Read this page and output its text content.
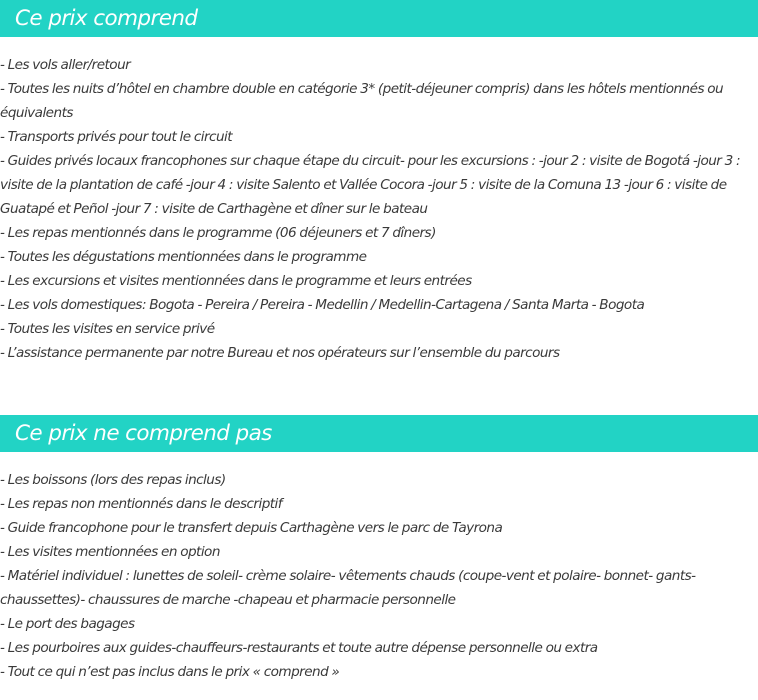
Ce prix comprend
- Les vols aller/retour
- Toutes les nuits d’hôtel en chambre double en catégorie 3* (petit-déjeuner compris) dans les hôtels mentionnés ou équivalents
- Transports privés pour tout le circuit
- Guides privés locaux francophones sur chaque étape du circuit- pour les excursions : -jour 2 : visite de Bogotá -jour 3 : visite de la plantation de café -jour 4 : visite Salento et Vallée Cocora -jour 5 : visite de la Comuna 13 -jour 6 : visite de Guatapé et Peñol -jour 7 : visite de Carthagène et dîner sur le bateau
- Les repas mentionnés dans le programme (06 déjeuners et 7 dîners)
- Toutes les dégustations mentionnées dans le programme
- Les excursions et visites mentionnées dans le programme et leurs entrées
- Les vols domestiques: Bogota - Pereira / Pereira - Medellin / Medellin-Cartagena / Santa Marta - Bogota
- Toutes les visites en service privé
- L’assistance permanente par notre Bureau et nos opérateurs sur l’ensemble du parcours
Ce prix ne comprend pas
- Les boissons (lors des repas inclus)
- Les repas non mentionnés dans le descriptif
- Guide francophone pour le transfert depuis Carthagène vers le parc de Tayrona
- Les visites mentionnées en option
- Matériel individuel : lunettes de soleil- crème solaire- vêtements chauds (coupe-vent et polaire- bonnet- gants- chaussettes)- chaussures de marche -chapeau et pharmacie personnelle
- Le port des bagages
- Les pourboires aux guides-chauffeurs-restaurants et toute autre dépense personnelle ou extra
- Tout ce qui n’est pas inclus dans le prix « comprend »
